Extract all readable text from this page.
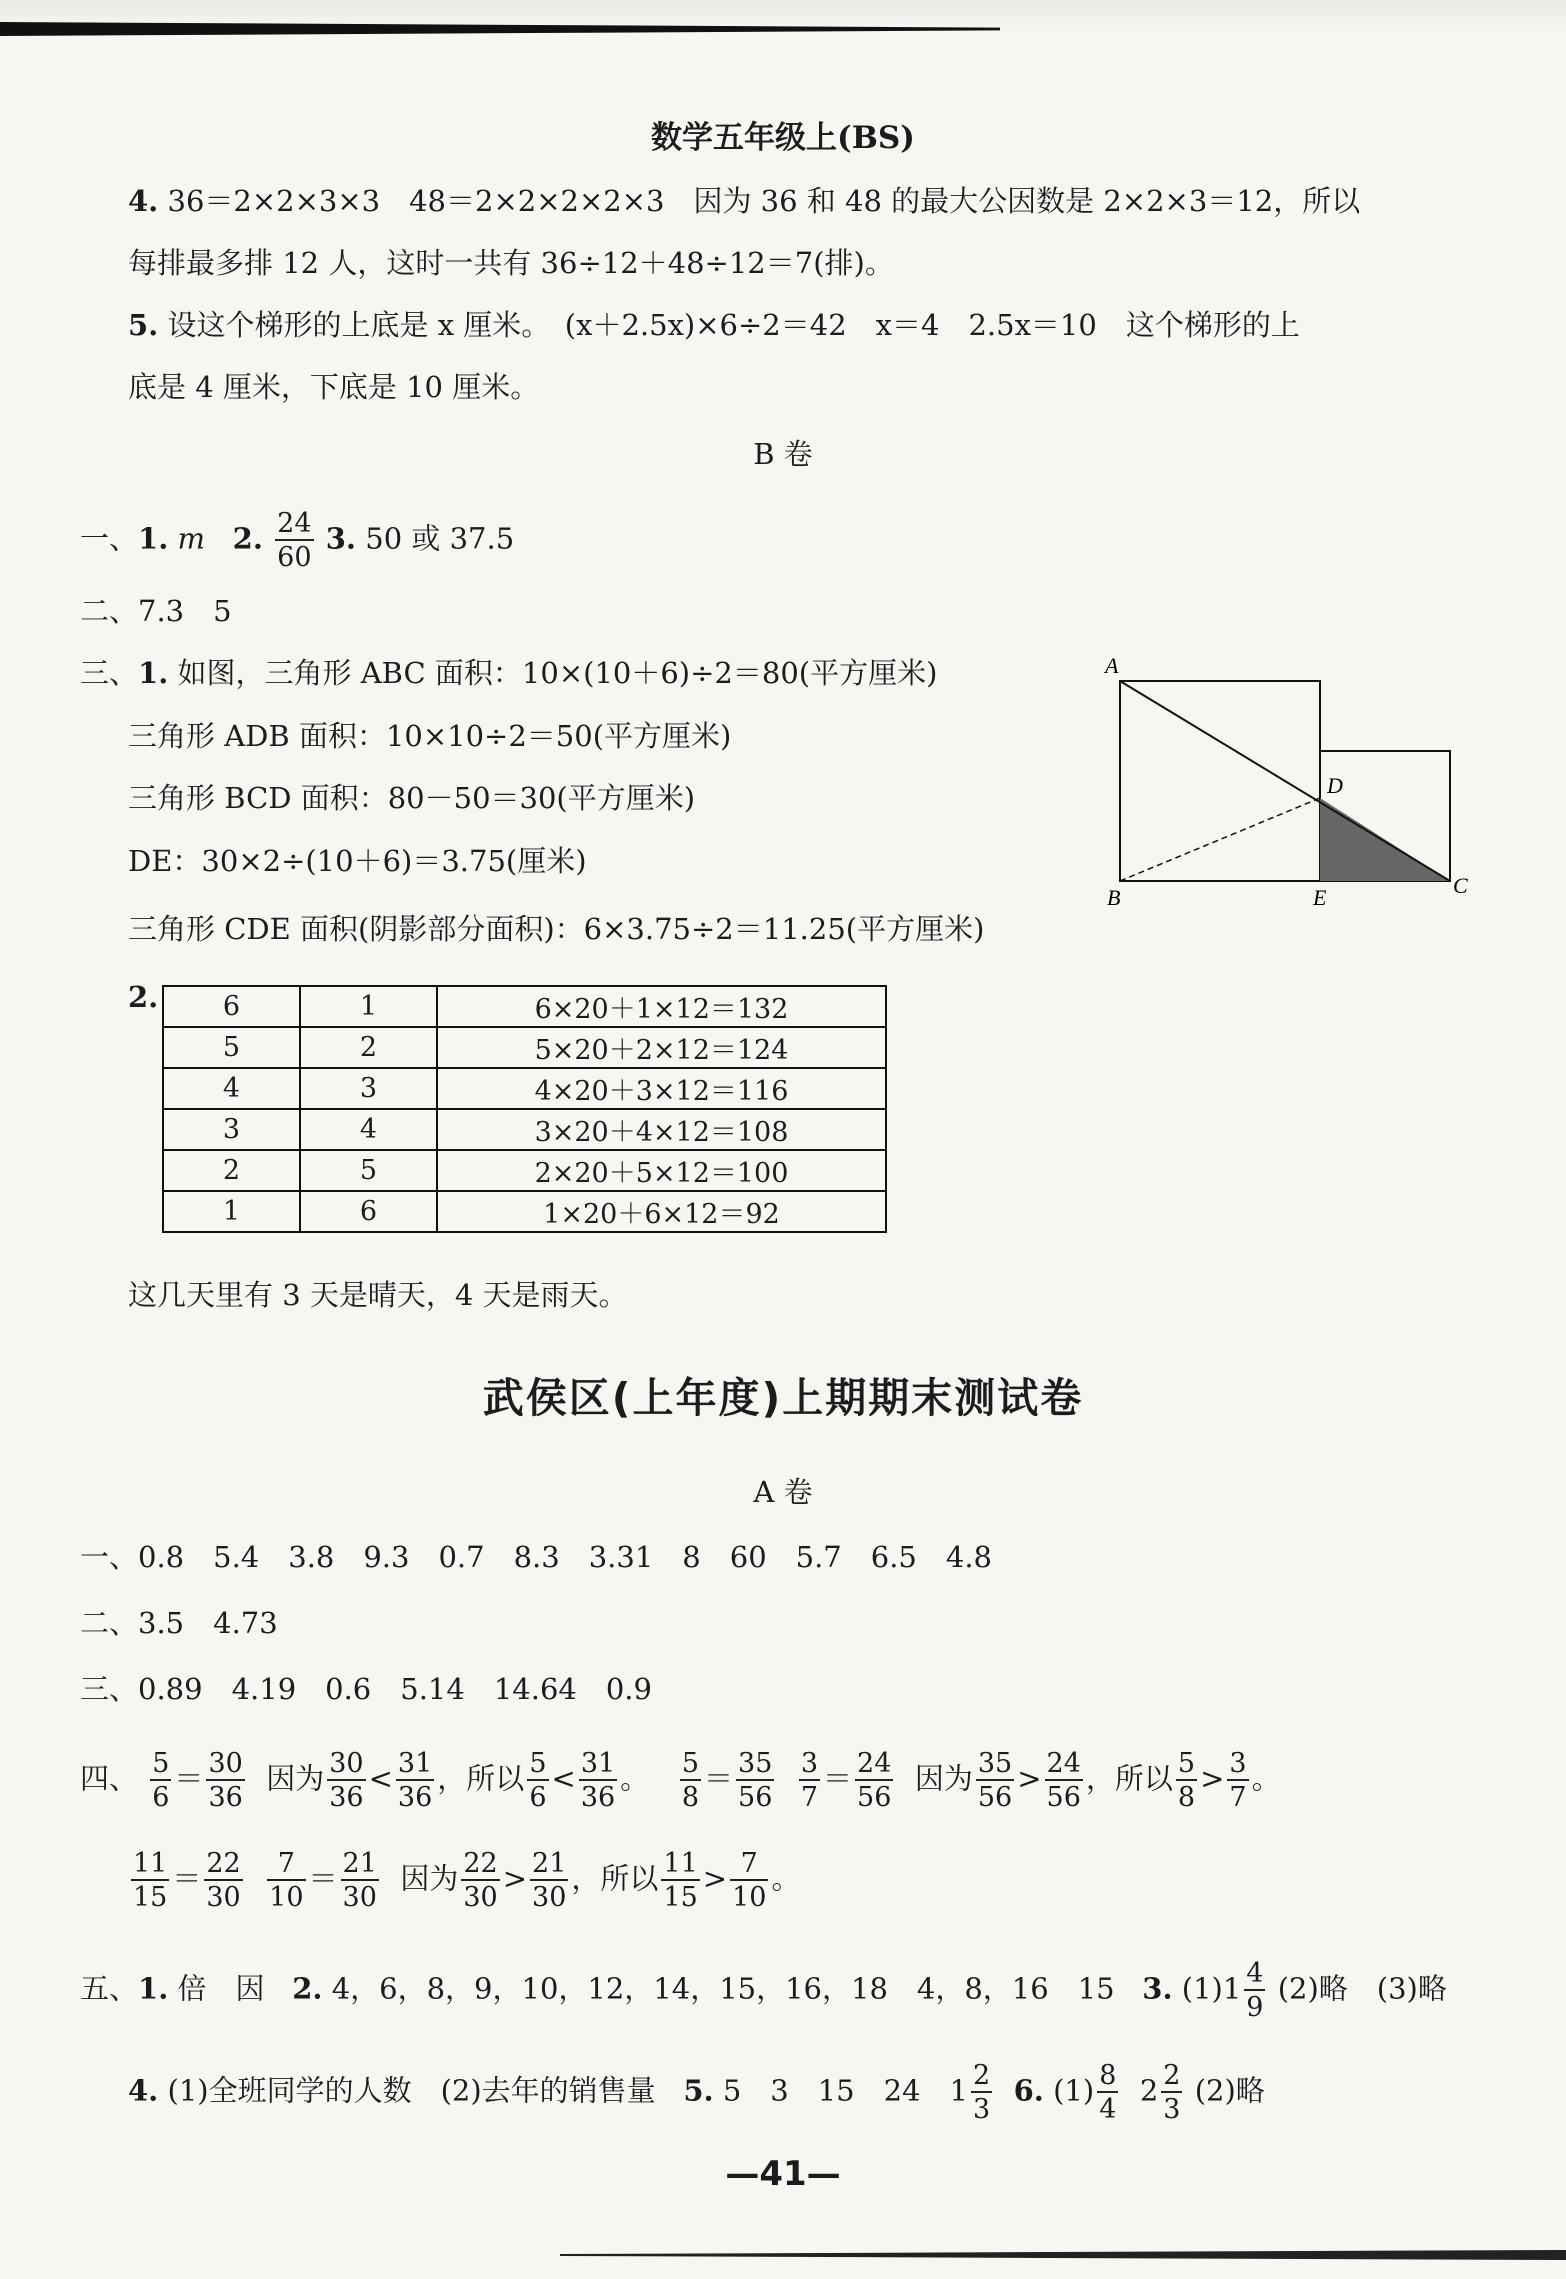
数学五年级上(BS)
4. 36＝2×2×3×3　48＝2×2×2×2×3　因为 36 和 48 的最大公因数是 2×2×3＝12，所以
每排最多排 12 人，这时一共有 36÷12＋48÷12＝7(排)。
5. 设这个梯形的上底是 x 厘米。　(x＋2.5x)×6÷2＝42　x＝4　2.5x＝10　这个梯形的上
底是 4 厘米，下底是 10 厘米。
B 卷
一、1. m 2. $\frac{24}{60} 3$. 50 或 37.5
二、7.3　5
三、1. 如图，三角形 ABC 面积：10×(10＋6)÷2＝80(平方厘米)
三角形 ADB 面积：10×10÷2＝50(平方厘米)
三角形 BCD 面积：80－50＝30(平方厘米)
DE：30×2÷(10＋6)＝3.75(厘米)
三角形 CDE 面积(阴影部分面积)：6×3.75÷2＝11.25(平方厘米)
A
B	C
D
E
2. 6	1	6×20＋1×12＝132
5	2	5×20＋2×12＝124
4	3	4×20＋3×12＝116
3	4	3×20＋4×12＝108
2	5	2×20＋5×12＝100
1	6	1×20＋6×12＝92
这几天里有 3 天是晴天，4 天是雨天。
武侯区(上年度)上期期末测试卷
A 卷
一、0.8　5.4　3.8　9.3　0.7　8.3　3.31　8　60　5.7　6.5　4.8
二、3.5　4.73
三、0.89　4.19　0.6　5.14　14.64　0.9
四、 $\frac{5}{6} = \frac{30}{36}$ 因为 $\frac{30}{36} < \frac{31}{36}$ ，所以 $\frac{5}{6} < \frac{31}{36}$ 。 $\frac{5}{8} = \frac{35}{56}$
$\frac{3}{7} = \frac{24}{56}$ 因为 $\frac{35}{56} > \frac{24}{56}$ ，所以 $\frac{5}{8} > \frac{3}{7}$ 。
$\frac{11}{15} = \frac{22}{30}$
$\frac{7}{10} = \frac{21}{30}$ 因为 $\frac{22}{30} > \frac{21}{30}$ ，所以 $\frac{11}{15} > \frac{7}{10}$ 。
五、1. 倍　因 2. 4，6，8，9，10，12，14，15，16，18　4，8，16　15 3. $(1)1 \frac{4}{9} (2)$略　(3)略
4. (1)全班同学的人数　(2)去年的销售量 5. 5　3　15　24　$1 \frac{2}{3} 6$. $(1) \frac{8}{4} 2 \frac{2}{3} (2)$略
—41—
